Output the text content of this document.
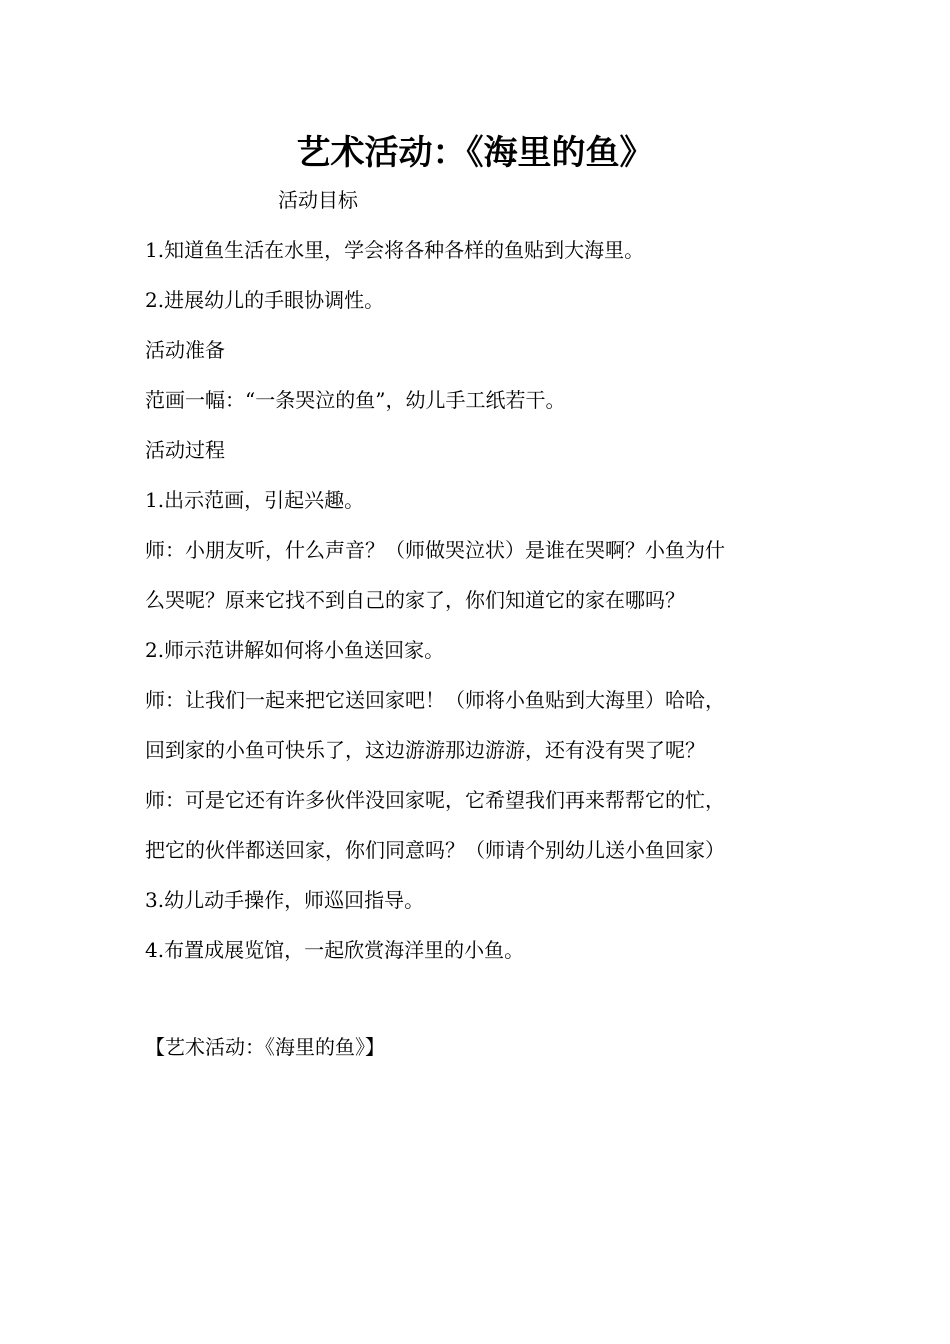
艺术活动：《海里的鱼》
活动目标
1.知道鱼生活在水里，学会将各种各样的鱼贴到大海里。
2.进展幼儿的手眼协调性。
活动准备
范画一幅：“一条哭泣的鱼”，幼儿手工纸若干。
活动过程
1.出示范画，引起兴趣。
师：小朋友听，什么声音？（师做哭泣状）是谁在哭啊？小鱼为什
么哭呢？原来它找不到自己的家了，你们知道它的家在哪吗？
2.师示范讲解如何将小鱼送回家。
师：让我们一起来把它送回家吧！（师将小鱼贴到大海里）哈哈，
回到家的小鱼可快乐了，这边游游那边游游，还有没有哭了呢？
师：可是它还有许多伙伴没回家呢，它希望我们再来帮帮它的忙，
把它的伙伴都送回家，你们同意吗？（师请个别幼儿送小鱼回家）
3.幼儿动手操作，师巡回指导。
4.布置成展览馆，一起欣赏海洋里的小鱼。
【艺术活动：《海里的鱼》】
